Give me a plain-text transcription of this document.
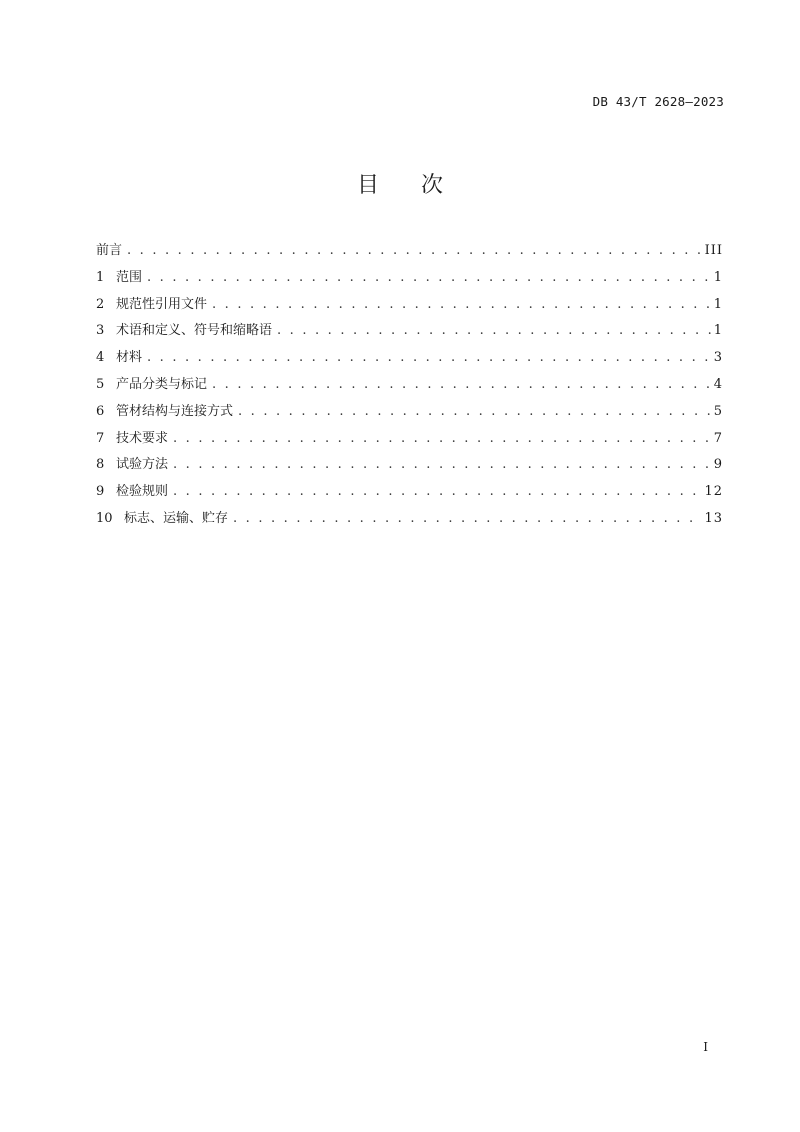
DB 43/T 2628—2023
目次
前言 . . .	III
1 范围 . . .	1
2 规范性引用文件 . . .	1
3 术语和定义、符号和缩略语 . . .	1
4 材料 . . .	3
5 产品分类与标记 . . .	4
6 管材结构与连接方式 . . .	5
7 技术要求 . . .	7
8 试验方法 . . .	9
9 检验规则 . . .	12
10 标志、运输、贮存 . . .	13
I
